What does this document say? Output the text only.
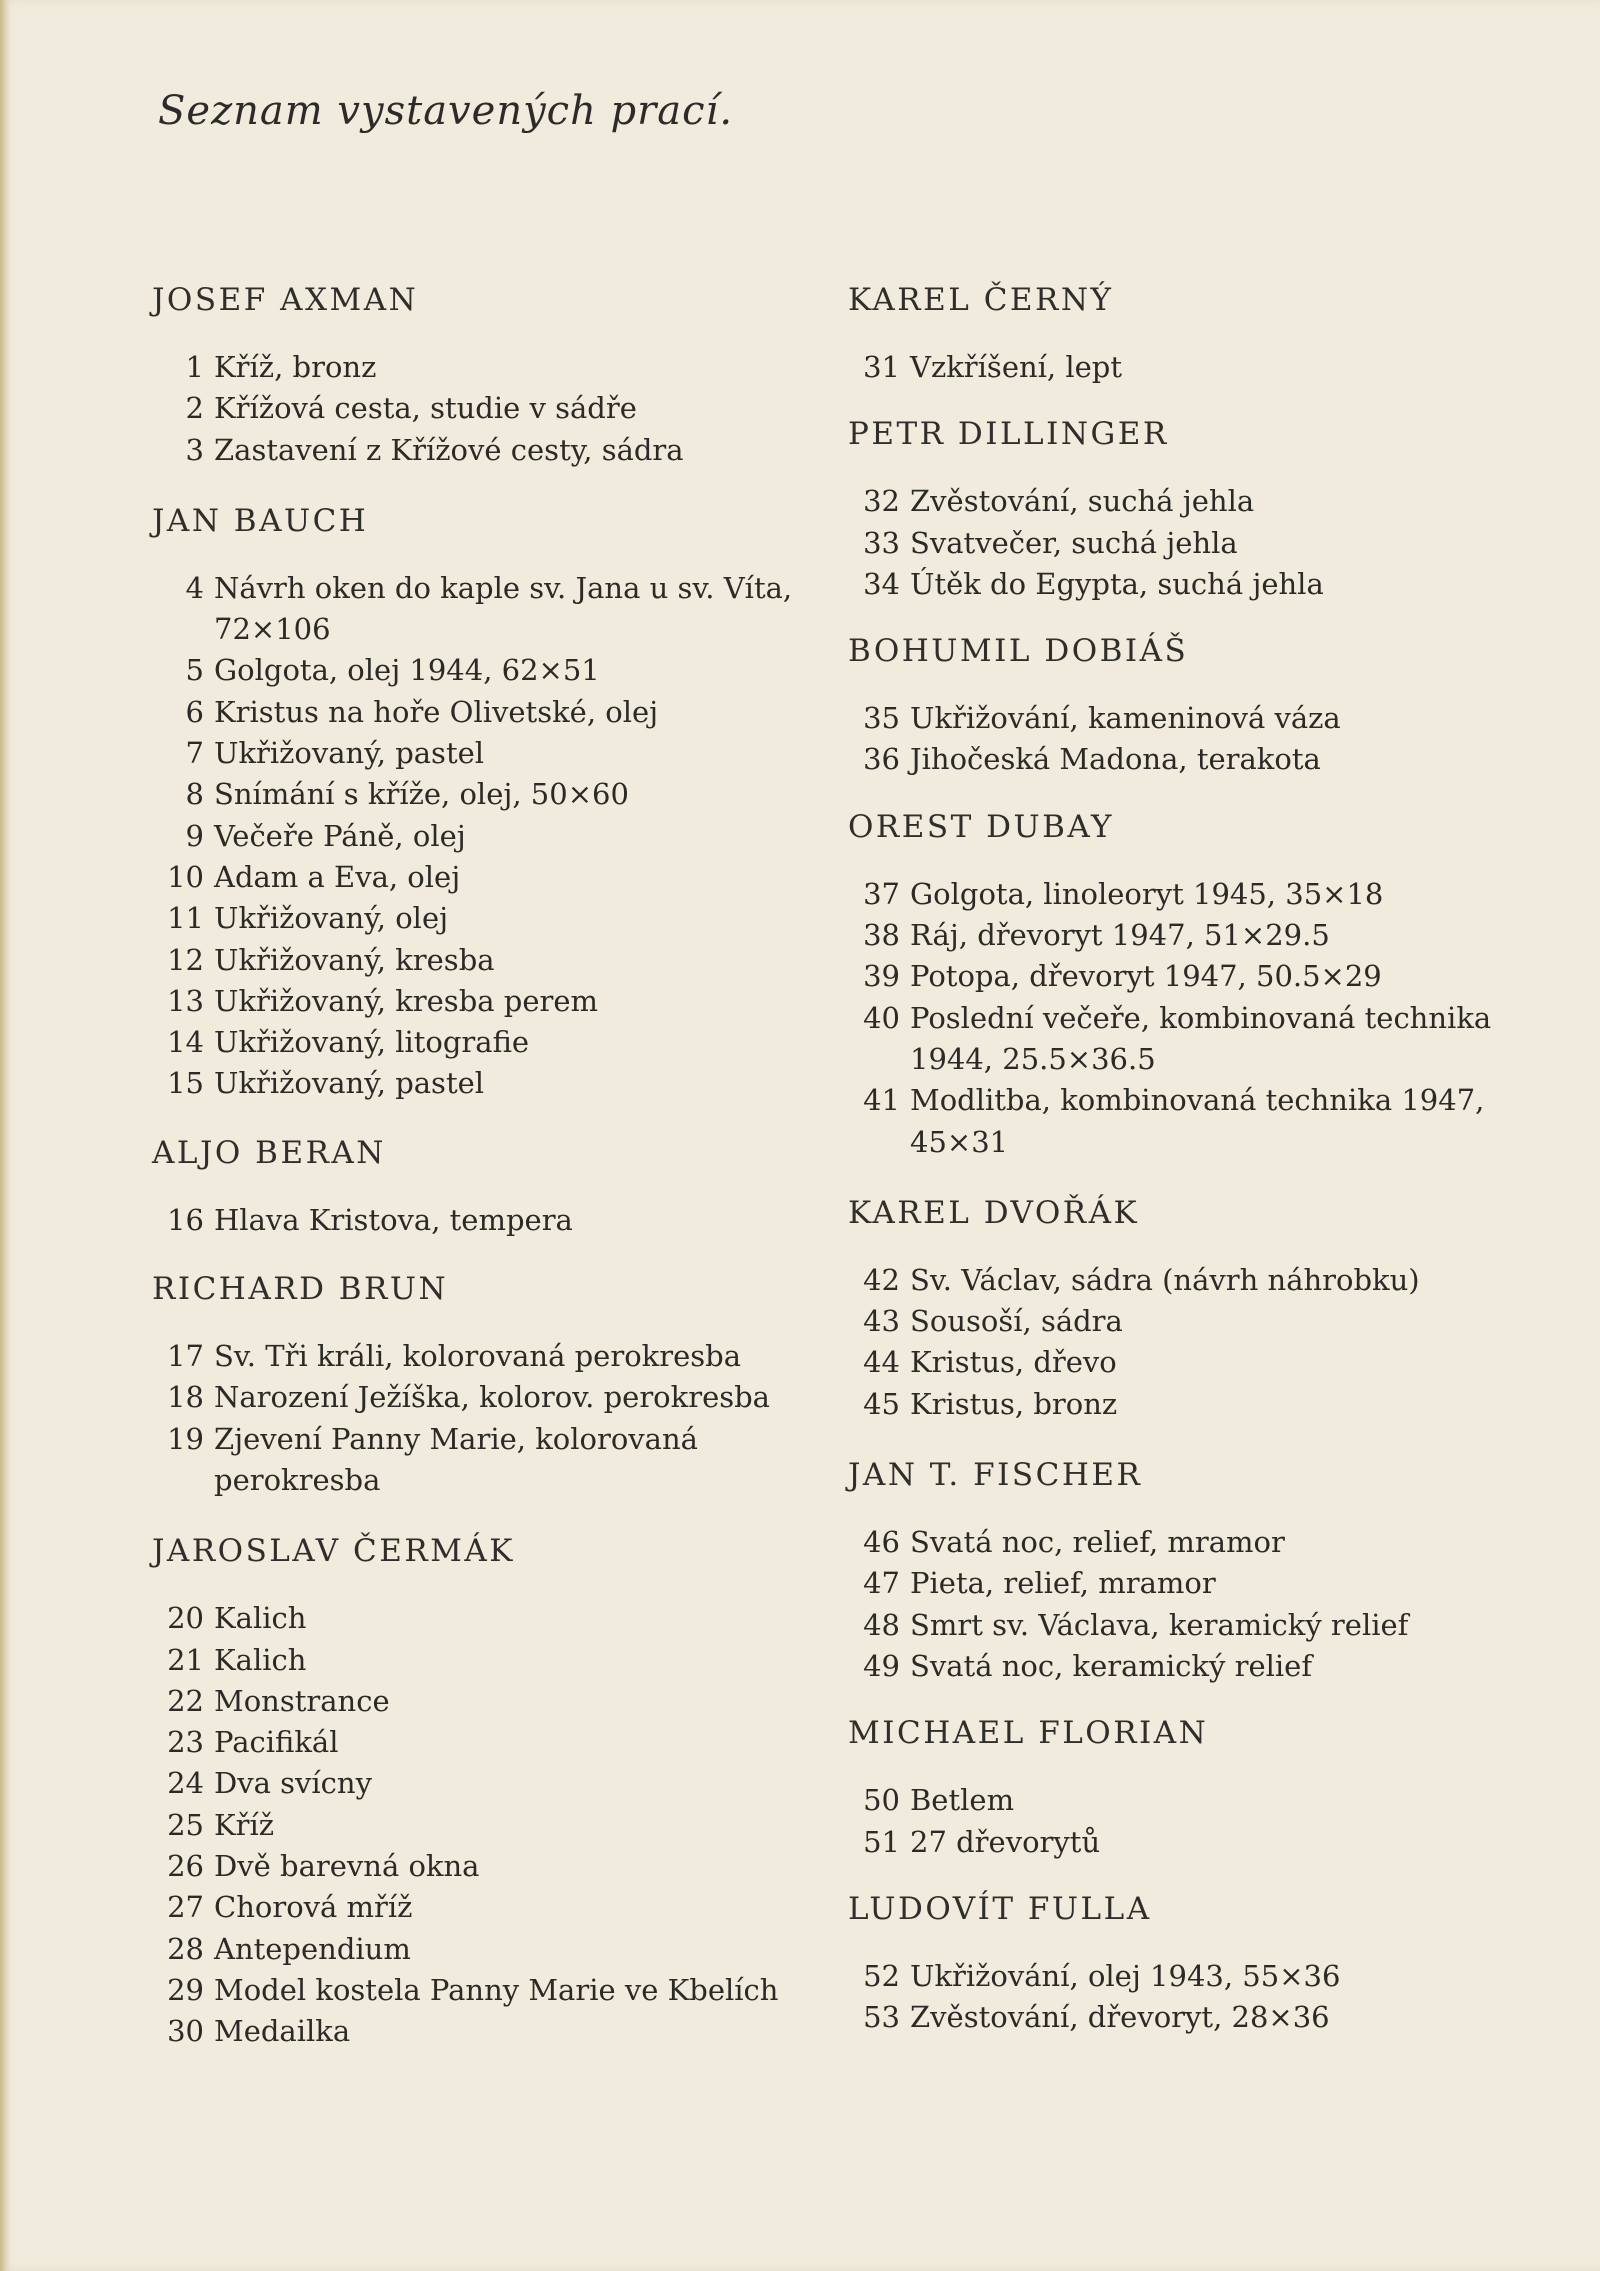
Seznam vystavených prací.
JOSEF AXMAN
1 Kříž, bronz
2 Křížová cesta, studie v sádře
3 Zastavení z Křížové cesty, sádra
JAN BAUCH
4 Návrh oken do kaple sv. Jana u sv. Víta,
72×106
5 Golgota, olej 1944, 62×51
6 Kristus na hoře Olivetské, olej
7 Ukřižovaný, pastel
8 Snímání s kříže, olej, 50×60
9 Večeře Páně, olej
10 Adam a Eva, olej
11 Ukřižovaný, olej
12 Ukřižovaný, kresba
13 Ukřižovaný, kresba perem
14 Ukřižovaný, litografie
15 Ukřižovaný, pastel
ALJO BERAN
16 Hlava Kristova, tempera
RICHARD BRUN
17 Sv. Tři králi, kolorovaná perokresba
18 Narození Ježíška, kolorov. perokresba
19 Zjevení Panny Marie, kolorovaná
perokresba
JAROSLAV ČERMÁK
20 Kalich
21 Kalich
22 Monstrance
23 Pacifikál
24 Dva svícny
25 Kříž
26 Dvě barevná okna
27 Chorová mříž
28 Antependium
29 Model kostela Panny Marie ve Kbelích
30 Medailka
KAREL ČERNÝ
31 Vzkříšení, lept
PETR DILLINGER
32 Zvěstování, suchá jehla
33 Svatvečer, suchá jehla
34 Útěk do Egypta, suchá jehla
BOHUMIL DOBIÁŠ
35 Ukřižování, kameninová váza
36 Jihočeská Madona, terakota
OREST DUBAY
37 Golgota, linoleoryt 1945, 35×18
38 Ráj, dřevoryt 1947, 51×29.5
39 Potopa, dřevoryt 1947, 50.5×29
40 Poslední večeře, kombinovaná technika
1944, 25.5×36.5
41 Modlitba, kombinovaná technika 1947,
45×31
KAREL DVOŘÁK
42 Sv. Václav, sádra (návrh náhrobku)
43 Sousoší, sádra
44 Kristus, dřevo
45 Kristus, bronz
JAN T. FISCHER
46 Svatá noc, relief, mramor
47 Pieta, relief, mramor
48 Smrt sv. Václava, keramický relief
49 Svatá noc, keramický relief
MICHAEL FLORIAN
50 Betlem
51 27 dřevorytů
LUDOVÍT FULLA
52 Ukřižování, olej 1943, 55×36
53 Zvěstování, dřevoryt, 28×36
